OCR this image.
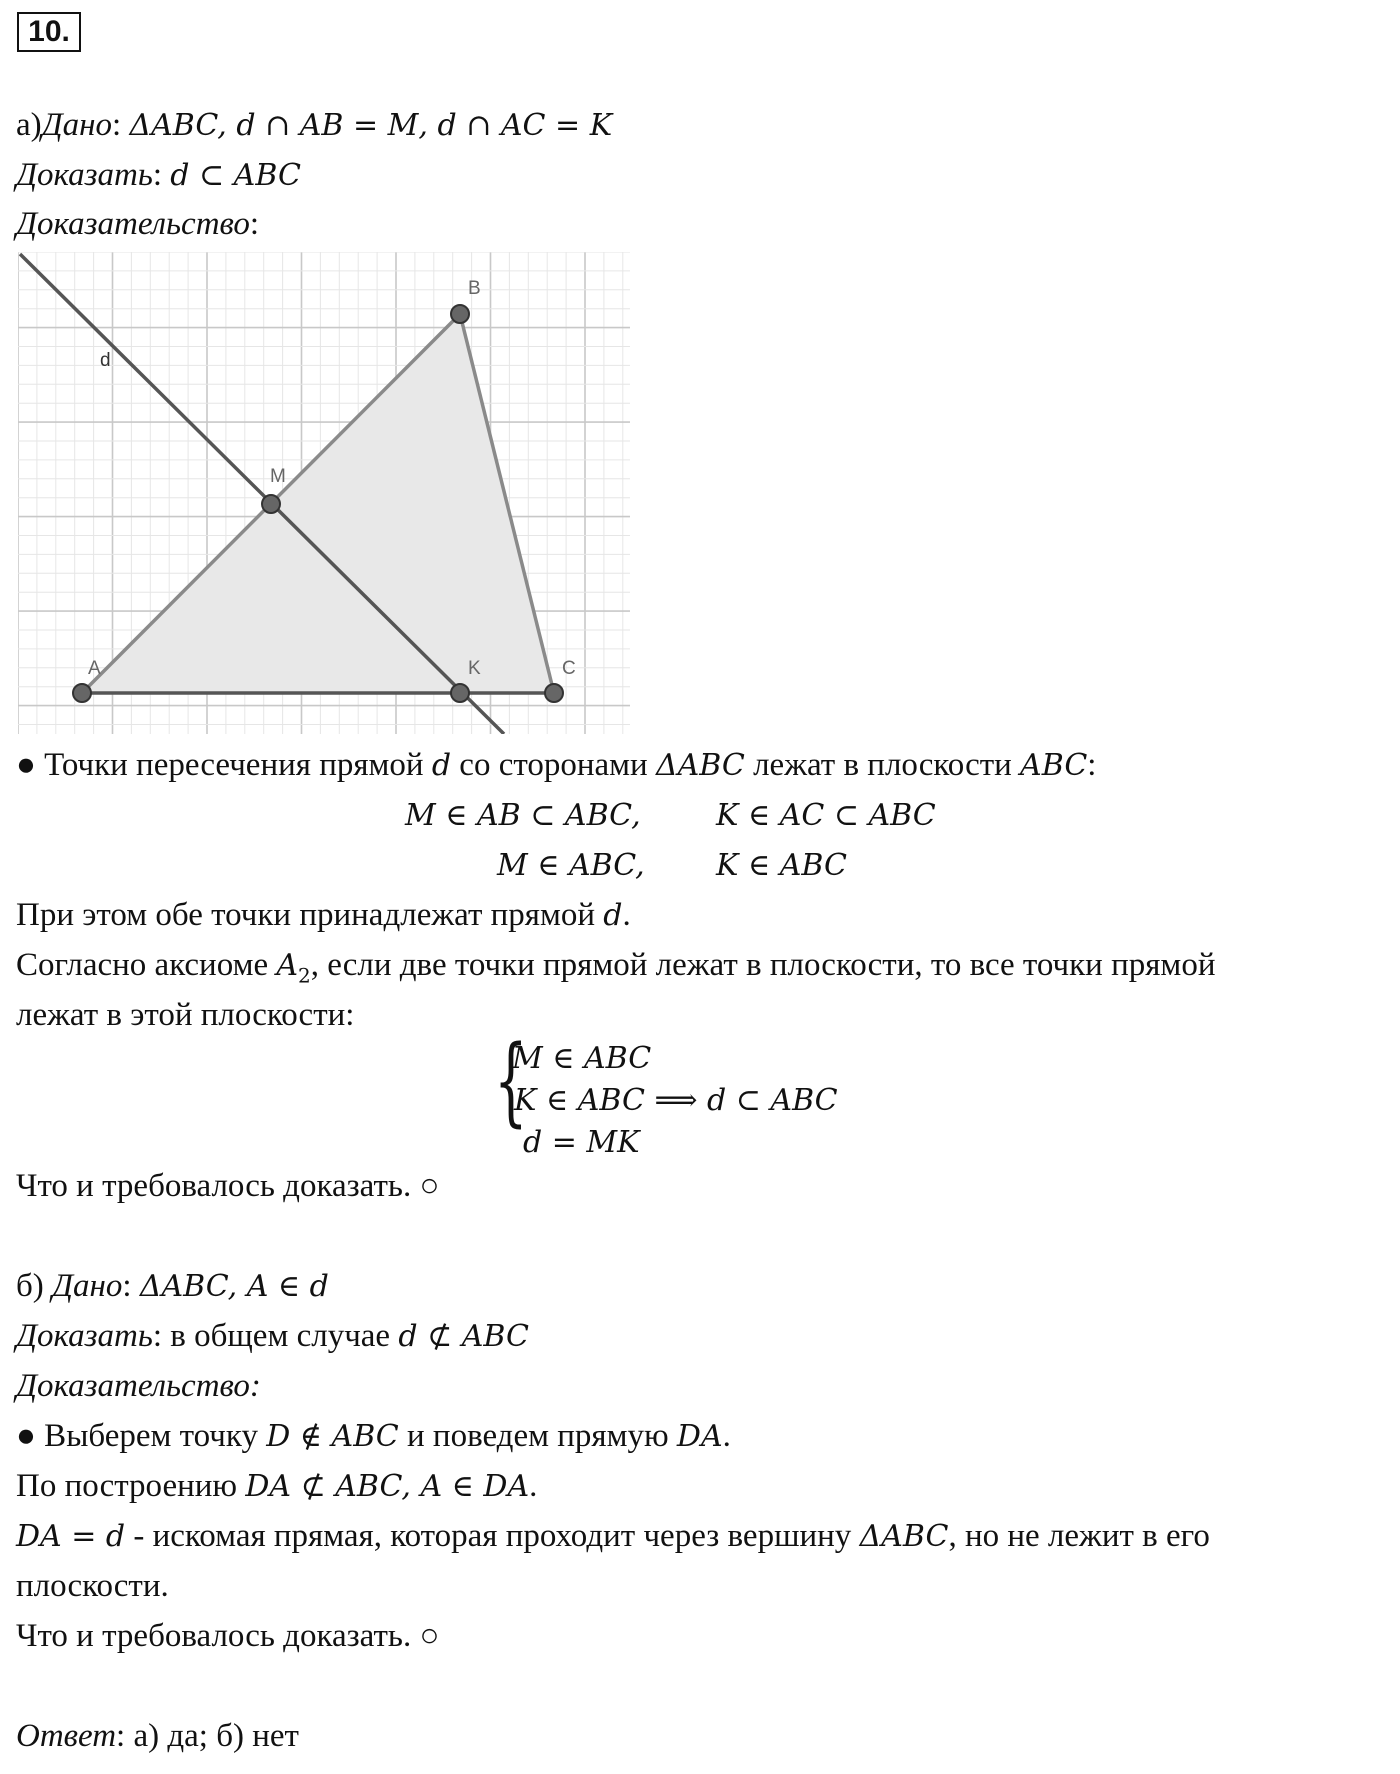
10.
а)Дано: ΔABC, d ∩ AB = M, d ∩ AC = K
Доказать: d ⊂ ABC
Доказательство:
B
d
M
A	K	C
● Точки пересечения прямой d со сторонами ΔABC лежат в плоскости ABC:
M ∈ AB ⊂ ABC,	K ∈ AC ⊂ ABC
M ∈ ABC, K ∈ ABC
При этом обе точки принадлежат прямой d.
Согласно аксиоме $A_2$, если две точки прямой лежат в плоскости, то все точки прямой
лежат в этой плоскости:
{
M ∈ ABC
K ∈ ABC ⟹ d ⊂ ABC
d = MK
Что и требовалось доказать. ○
б) Дано: ΔABC, A ∈ d
Доказать: в общем случае d ⊄ ABC
Доказательство:
● Выберем точку D ∉ ABC и поведем прямую DA.
По построению DA ⊄ ABC, A ∈ DA.
DA = d - искомая прямая, которая проходит через вершину ΔABC, но не лежит в его
плоскости.
Что и требовалось доказать. ○
Ответ: а) да; б) нет
